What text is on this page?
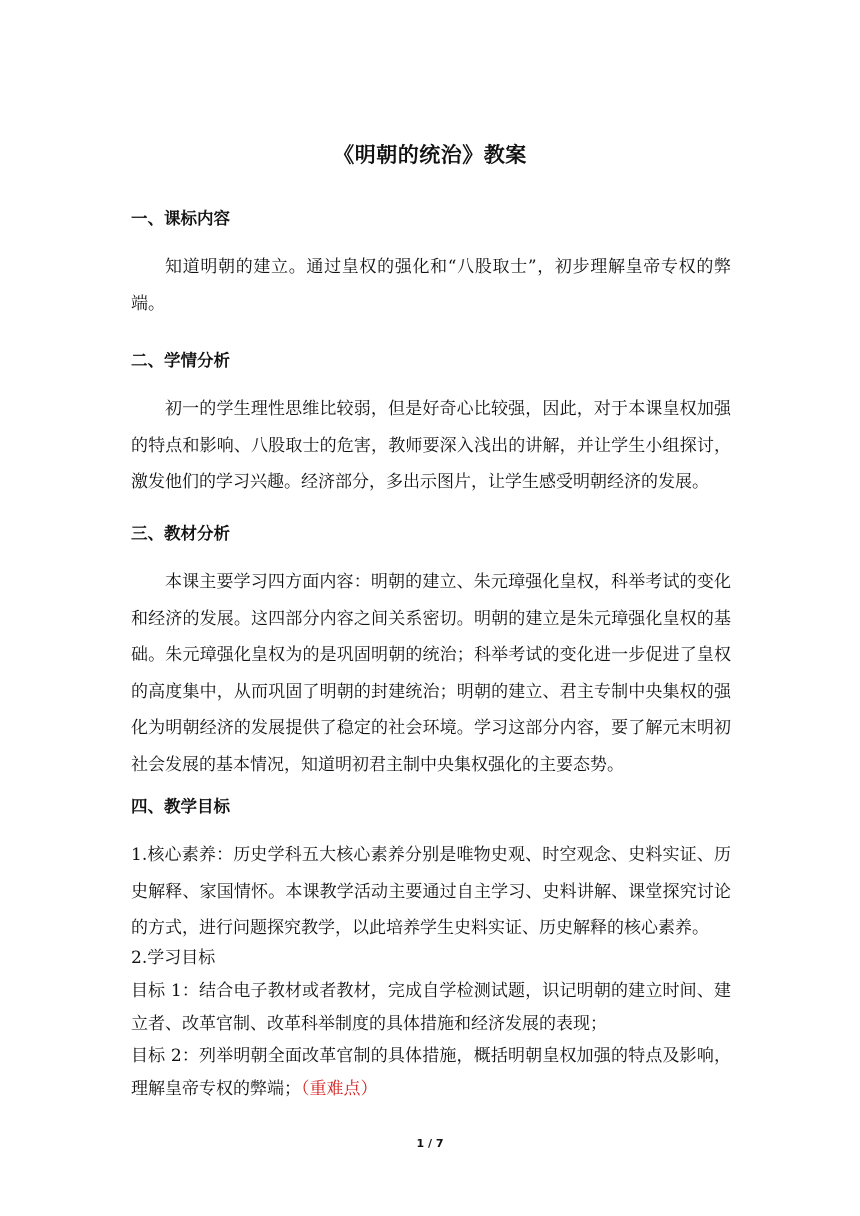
《明朝的统治》教案
一、课标内容
知道明朝的建立。通过皇权的强化和“八股取士”，初步理解皇帝专权的弊端。
二、学情分析
初一的学生理性思维比较弱，但是好奇心比较强，因此，对于本课皇权加强的特点和影响、八股取士的危害，教师要深入浅出的讲解，并让学生小组探讨，激发他们的学习兴趣。经济部分，多出示图片，让学生感受明朝经济的发展。
三、教材分析
本课主要学习四方面内容：明朝的建立、朱元璋强化皇权，科举考试的变化和经济的发展。这四部分内容之间关系密切。明朝的建立是朱元璋强化皇权的基础。朱元璋强化皇权为的是巩固明朝的统治；科举考试的变化进一步促进了皇权的高度集中，从而巩固了明朝的封建统治；明朝的建立、君主专制中央集权的强化为明朝经济的发展提供了稳定的社会环境。学习这部分内容，要了解元末明初社会发展的基本情况，知道明初君主制中央集权强化的主要态势。
四、教学目标
1.核心素养：历史学科五大核心素养分别是唯物史观、时空观念、史料实证、历史解释、家国情怀。本课教学活动主要通过自主学习、史料讲解、课堂探究讨论的方式，进行问题探究教学，以此培养学生史料实证、历史解释的核心素养。
2.学习目标
目标 1：结合电子教材或者教材，完成自学检测试题，识记明朝的建立时间、建立者、改革官制、改革科举制度的具体措施和经济发展的表现；
目标 2：列举明朝全面改革官制的具体措施，概括明朝皇权加强的特点及影响，理解皇帝专权的弊端；（重难点）
1 / 7
